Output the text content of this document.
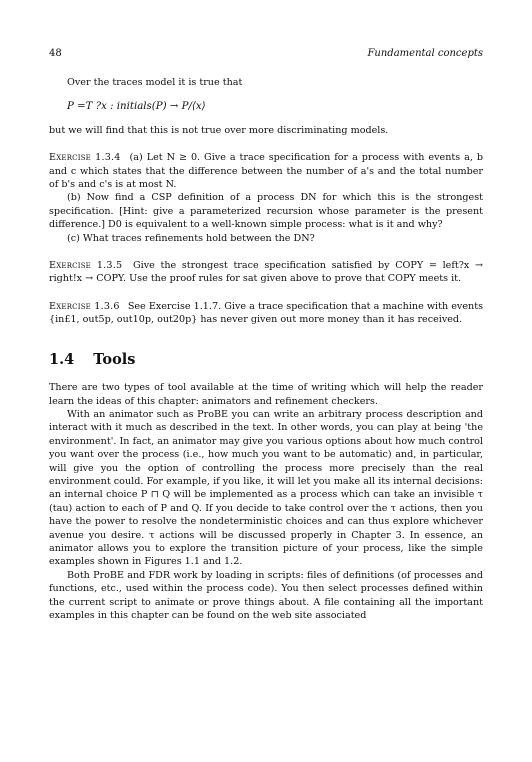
48	Fundamental concepts

Over the traces model it is true that

P =T ?x : initials(P) → P/⟨x⟩

but we will find that this is not true over more discriminating models.

Exercise 1.3.4 (a) Let N ≥ 0. Give a trace specification for a process with events a, b and c which states that the difference between the number of a's and the total number of b's and c's is at most N.

(b) Now find a CSP definition of a process DN for which this is the strongest specification. [Hint: give a parameterized recursion whose parameter is the present difference.] D0 is equivalent to a well-known simple process: what is it and why?

(c) What traces refinements hold between the DN?

Exercise 1.3.5 Give the strongest trace specification satisfied by COPY = left?x → right!x → COPY. Use the proof rules for sat given above to prove that COPY meets it.

Exercise 1.3.6 See Exercise 1.1.7. Give a trace specification that a machine with events {in£1, out5p, out10p, out20p} has never given out more money than it has received.

1.4 Tools

There are two types of tool available at the time of writing which will help the reader learn the ideas of this chapter: animators and refinement checkers.

With an animator such as ProBE you can write an arbitrary process description and interact with it much as described in the text. In other words, you can play at being 'the environment'. In fact, an animator may give you various options about how much control you want over the process (i.e., how much you want to be automatic) and, in particular, will give you the option of controlling the process more precisely than the real environment could. For example, if you like, it will let you make all its internal decisions: an internal choice P ⊓ Q will be implemented as a process which can take an invisible τ (tau) action to each of P and Q. If you decide to take control over the τ actions, then you have the power to resolve the nondeterministic choices and can thus explore whichever avenue you desire. τ actions will be discussed properly in Chapter 3. In essence, an animator allows you to explore the transition picture of your process, like the simple examples shown in Figures 1.1 and 1.2.

Both ProBE and FDR work by loading in scripts: files of definitions (of processes and functions, etc., used within the process code). You then select processes defined within the current script to animate or prove things about. A file containing all the important examples in this chapter can be found on the web site associated
